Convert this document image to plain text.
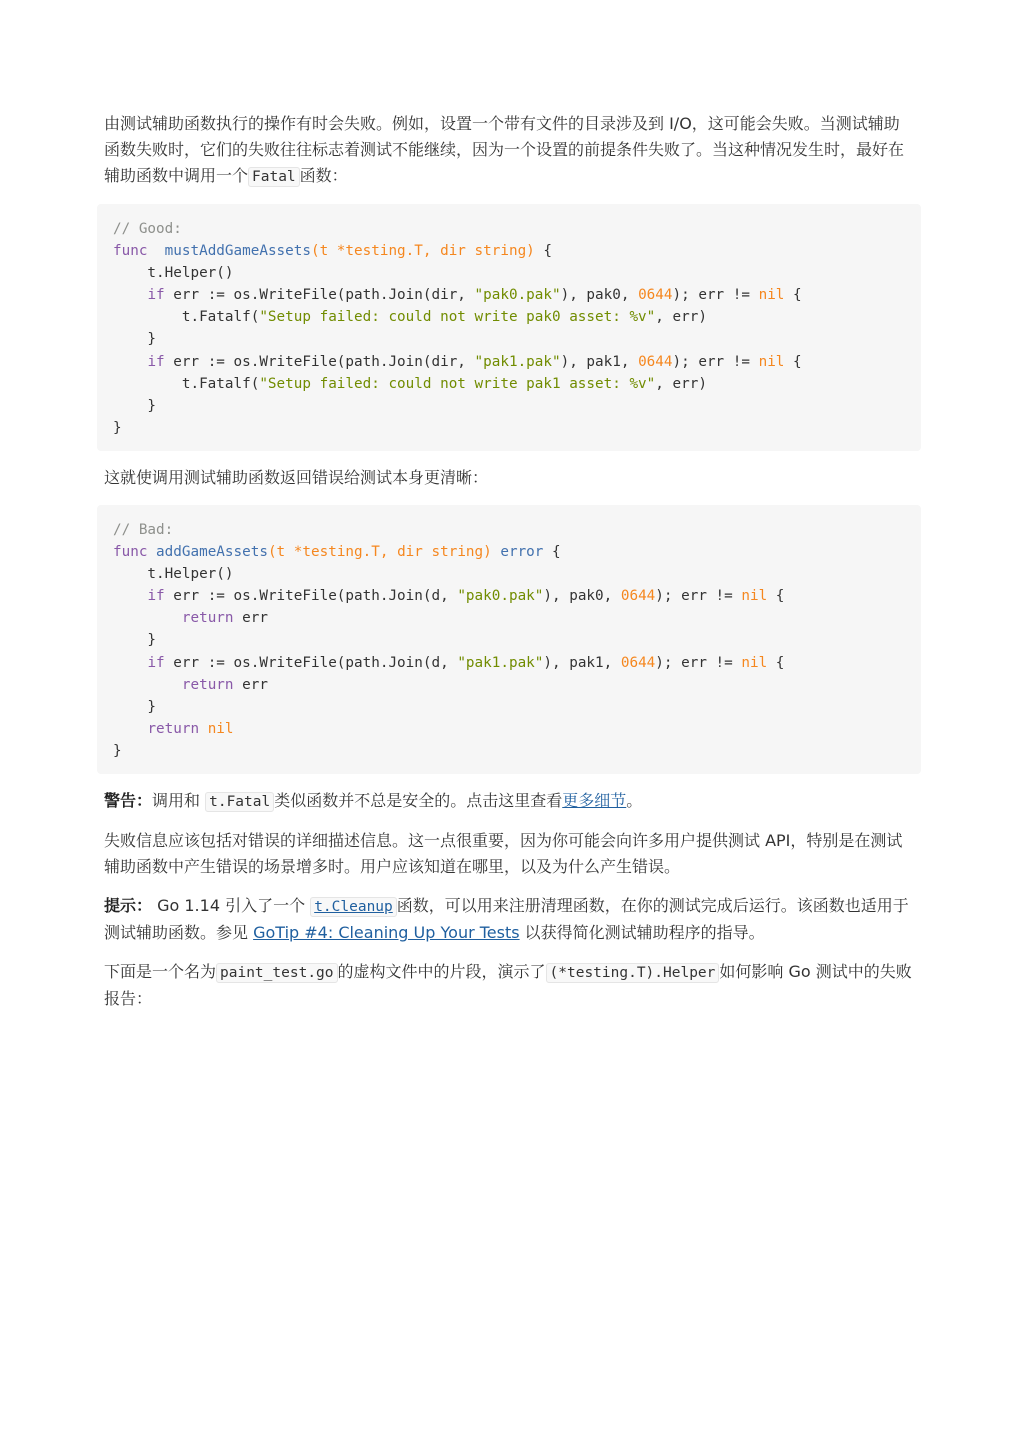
由测试辅助函数执行的操作有时会失败。例如，设置一个带有文件的目录涉及到 I/O，这可能会失败。当测试辅助函数失败时，它们的失败往往标志着测试不能继续，因为一个设置的前提条件失败了。当这种情况发生时，最好在辅助函数中调用一个 Fatal 函数：

// Good:
func mustAddGameAssets(t *testing.T, dir string) {
t.Helper()
if err := os.WriteFile(path.Join(dir, "pak0.pak"), pak0, 0644); err != nil {
t.Fatalf("Setup failed: could not write pak0 asset: %v", err)
}
if err := os.WriteFile(path.Join(dir, "pak1.pak"), pak1, 0644); err != nil {
t.Fatalf("Setup failed: could not write pak1 asset: %v", err)
}
}

这就使调用测试辅助函数返回错误给测试本身更清晰：

// Bad:
func addGameAssets(t *testing.T, dir string) error {
t.Helper()
if err := os.WriteFile(path.Join(d, "pak0.pak"), pak0, 0644); err != nil {
return err
}
if err := os.WriteFile(path.Join(d, "pak1.pak"), pak1, 0644); err != nil {
return err
}
return nil
}

警告：调用和 t.Fatal 类似函数并不总是安全的。点击这里查看更多细节。

失败信息应该包括对错误的详细描述信息。这一点很重要，因为你可能会向许多用户提供测试 API，特别是在测试辅助函数中产生错误的场景增多时。用户应该知道在哪里，以及为什么产生错误。

提示： Go 1.14 引入了一个 t.Cleanup 函数，可以用来注册清理函数，在你的测试完成后运行。该函数也适用于测试辅助函数。参见 GoTip #4: Cleaning Up Your Tests 以获得简化测试辅助程序的指导。

下面是一个名为 paint_test.go 的虚构文件中的片段，演示了 (*testing.T).Helper 如何影响 Go 测试中的失败报告：
